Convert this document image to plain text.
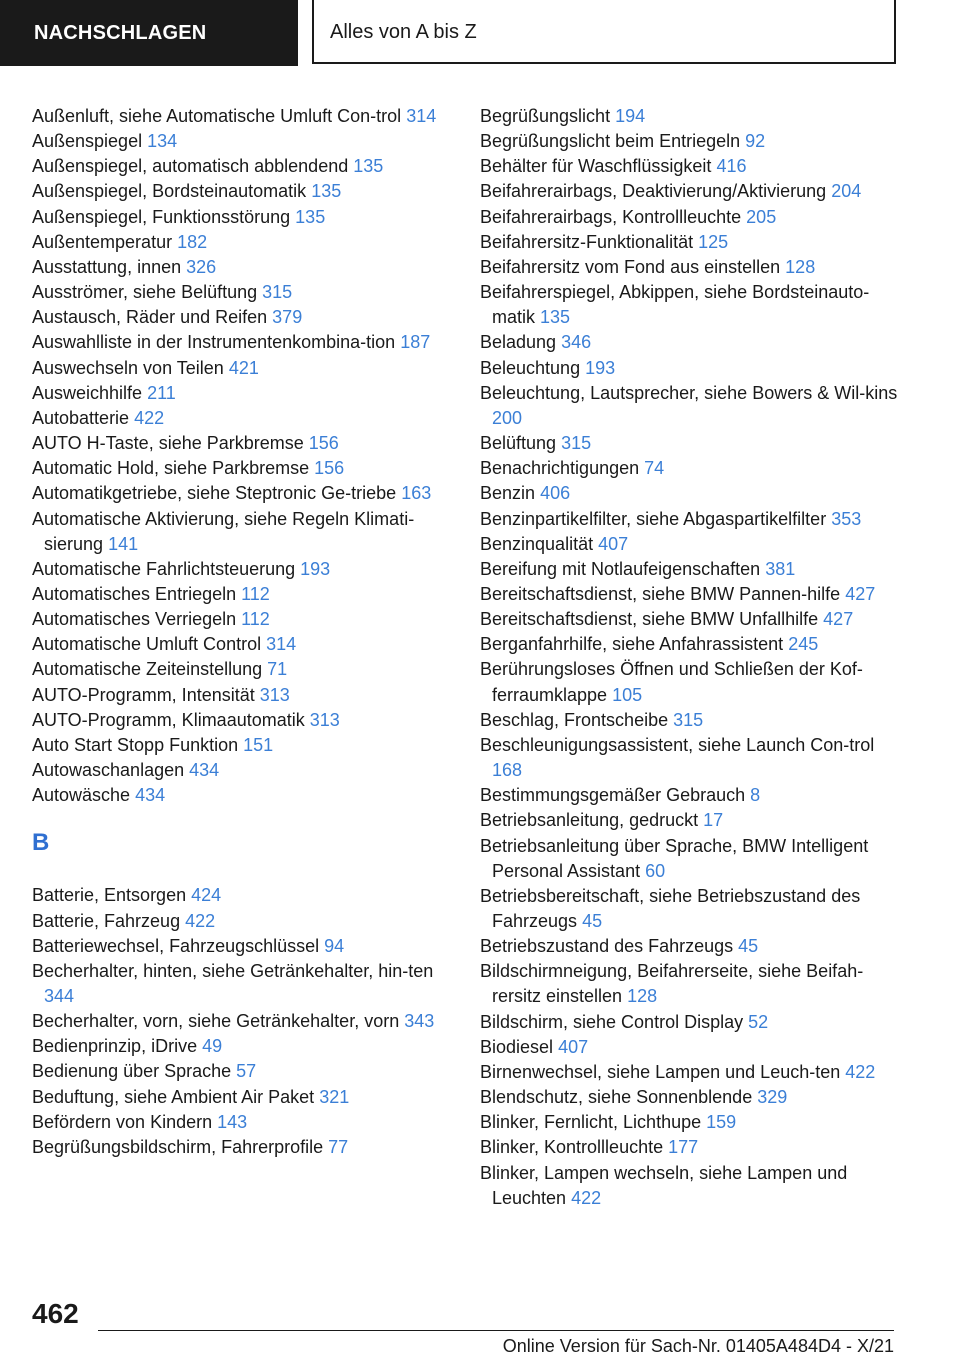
NACHSCHLAGEN	Alles von A bis Z
Außenluft, siehe Automatische Umluft Con‐trol 314
Außenspiegel 134
Außenspiegel, automatisch abblendend 135
Außenspiegel, Bordsteinautomatik 135
Außenspiegel, Funktionsstörung 135
Außentemperatur 182
Ausstattung, innen 326
Ausströmer, siehe Belüftung 315
Austausch, Räder und Reifen 379
Auswahlliste in der Instrumentenkombina‐tion 187
Auswechseln von Teilen 421
Ausweichhilfe 211
Autobatterie 422
AUTO H-Taste, siehe Parkbremse 156
Automatic Hold, siehe Parkbremse 156
Automatikgetriebe, siehe Steptronic Ge‐triebe 163
Automatische Aktivierung, siehe Regeln Klimati‐sierung 141
Automatische Fahrlichtsteuerung 193
Automatisches Entriegeln 112
Automatisches Verriegeln 112
Automatische Umluft Control 314
Automatische Zeiteinstellung 71
AUTO-Programm, Intensität 313
AUTO-Programm, Klimaautomatik 313
Auto Start Stopp Funktion 151
Autowaschanlagen 434
Autowäsche 434
B
Batterie, Entsorgen 424
Batterie, Fahrzeug 422
Batteriewechsel, Fahrzeugschlüssel 94
Becherhalter, hinten, siehe Getränkehalter, hin‐ten 344
Becherhalter, vorn, siehe Getränkehalter, vorn 343
Bedienprinzip, iDrive 49
Bedienung über Sprache 57
Beduftung, siehe Ambient Air Paket 321
Befördern von Kindern 143
Begrüßungsbildschirm, Fahrerprofile 77
Begrüßungslicht 194
Begrüßungslicht beim Entriegeln 92
Behälter für Waschflüssigkeit 416
Beifahrerairbags, Deaktivierung/Aktivierung 204
Beifahrerairbags, Kontrollleuchte 205
Beifahrersitz-Funktionalität 125
Beifahrersitz vom Fond aus einstellen 128
Beifahrerspiegel, Abkippen, siehe Bordsteinauto‐matik 135
Beladung 346
Beleuchtung 193
Beleuchtung, Lautsprecher, siehe Bowers & Wil‐kins 200
Belüftung 315
Benachrichtigungen 74
Benzin 406
Benzinpartikelfilter, siehe Abgaspartikelfilter 353
Benzinqualität 407
Bereifung mit Notlaufeigenschaften 381
Bereitschaftsdienst, siehe BMW Pannen‐hilfe 427
Bereitschaftsdienst, siehe BMW Unfallhilfe 427
Berganfahrhilfe, siehe Anfahrassistent 245
Berührungsloses Öffnen und Schließen der Kof‐ferraumklappe 105
Beschlag, Frontscheibe 315
Beschleunigungsassistent, siehe Launch Con‐trol 168
Bestimmungsgemäßer Gebrauch 8
Betriebsanleitung, gedruckt 17
Betriebsanleitung über Sprache, BMW Intelligent Personal Assistant 60
Betriebsbereitschaft, siehe Betriebszustand des Fahrzeugs 45
Betriebszustand des Fahrzeugs 45
Bildschirmneigung, Beifahrerseite, siehe Beifah‐rersitz einstellen 128
Bildschirm, siehe Control Display 52
Biodiesel 407
Birnenwechsel, siehe Lampen und Leuch‐ten 422
Blendschutz, siehe Sonnenblende 329
Blinker, Fernlicht, Lichthupe 159
Blinker, Kontrollleuchte 177
Blinker, Lampen wechseln, siehe Lampen und Leuchten 422
462
Online Version für Sach-Nr. 01405A484D4 - X/21
